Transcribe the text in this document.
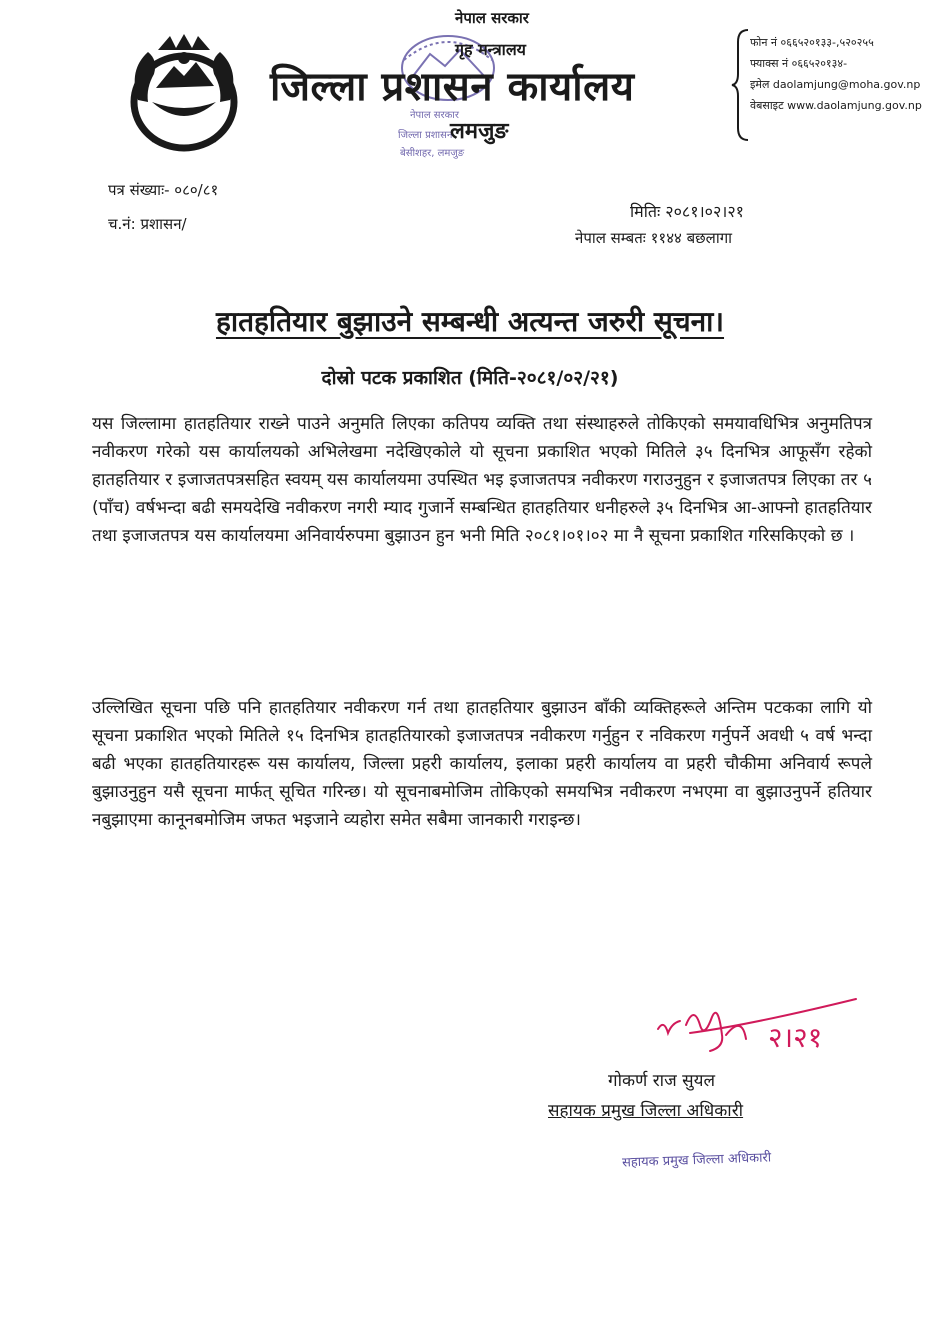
नेपाल सरकार
जिल्ला प्रशासन
बेसीशहर, लमजुङ
नेपाल सरकार
गृह मन्त्रालय
जिल्ला प्रशासन कार्यालय
लमजुङ
फोन नं ०६६५२०१३३-,५२०२५५
फ्याक्स नं ०६६५२०१३४-
इमेल daolamjung@moha.gov.np
वेबसाइट www.daolamjung.gov.np
पत्र संख्याः- ०८०/८१
च.नं: प्रशासन/
मितिः २०८१।०२।२१
नेपाल सम्बतः ११४४ बछलागा
हातहतियार बुझाउने सम्बन्धी अत्यन्त जरुरी सूचना।
दोस्रो पटक प्रकाशित (मिति-२०८१/०२/२१)
यस जिल्लामा हातहतियार राख्ने पाउने अनुमति लिएका कतिपय व्यक्ति तथा संस्थाहरुले तोकिएको समयावधिभित्र अनुमतिपत्र नवीकरण गरेको यस कार्यालयको अभिलेखमा नदेखिएकोले यो सूचना प्रकाशित भएको मितिले ३५ दिनभित्र आफूसँग रहेको हातहतियार र इजाजतपत्रसहित स्वयम् यस कार्यालयमा उपस्थित भइ इजाजतपत्र नवीकरण गराउनुहुन र इजाजतपत्र लिएका तर ५ (पाँच) वर्षभन्दा बढी समयदेखि नवीकरण नगरी म्याद गुजार्ने सम्बन्धित हातहतियार धनीहरुले ३५ दिनभित्र आ-आफ्नो हातहतियार तथा इजाजतपत्र यस कार्यालयमा अनिवार्यरुपमा बुझाउन हुन भनी मिति २०८१।०१।०२ मा नै सूचना प्रकाशित गरिसकिएको छ ।
उल्लिखित सूचना पछि पनि हातहतियार नवीकरण गर्न तथा हातहतियार बुझाउन बाँकी व्यक्तिहरूले अन्तिम पटकका लागि यो सूचना प्रकाशित भएको मितिले १५ दिनभित्र हातहतियारको इजाजतपत्र नवीकरण गर्नुहुन र नविकरण गर्नुपर्ने अवधी ५ वर्ष भन्दा बढी भएका हातहतियारहरू यस कार्यालय, जिल्ला प्रहरी कार्यालय, इलाका प्रहरी कार्यालय वा प्रहरी चौकीमा अनिवार्य रूपले बुझाउनुहुन यसै सूचना मार्फत् सूचित गरिन्छ। यो सूचनाबमोजिम तोकिएको समयभित्र नवीकरण नभएमा वा बुझाउनुपर्ने हतियार नबुझाएमा कानूनबमोजिम जफत भइजाने व्यहोरा समेत सबैमा जानकारी गराइन्छ।
२।२१
गोकर्ण राज सुयल
सहायक प्रमुख जिल्ला अधिकारी
सहायक प्रमुख जिल्ला अधिकारी
